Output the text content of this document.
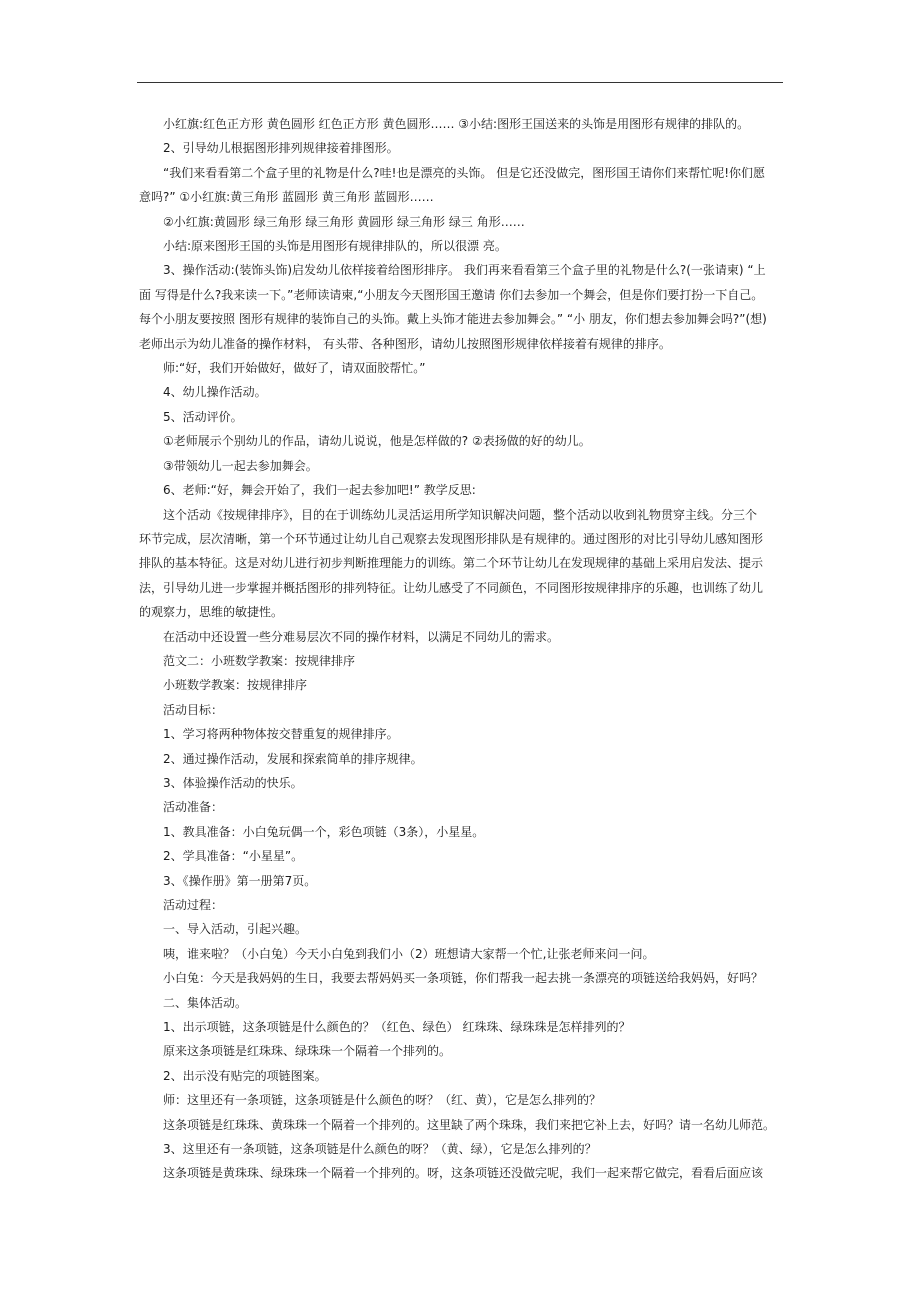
小红旗:红色正方形 黄色圆形 红色正方形 黄色圆形…… ③小结:图形王国送来的头饰是用图形有规律的排队的。
2、引导幼儿根据图形排列规律接着排图形。
“我们来看看第二个盒子里的礼物是什么?哇!也是漂亮的头饰。 但是它还没做完，图形国王请你们来帮忙呢!你们愿
意吗?” ①小红旗:黄三角形 蓝圆形 黄三角形 蓝圆形……
②小红旗:黄圆形 绿三角形 绿三角形 黄圆形 绿三角形 绿三 角形……
小结:原来图形王国的头饰是用图形有规律排队的，所以很漂 亮。
3、操作活动:(装饰头饰)启发幼儿依样接着给图形排序。 我们再来看看第三个盒子里的礼物是什么?(一张请柬) “上
面 写得是什么?我来读一下。”老师读请柬,“小朋友今天图形国王邀请 你们去参加一个舞会，但是你们要打扮一下自己。
每个小朋友要按照 图形有规律的装饰自己的头饰。戴上头饰才能进去参加舞会。” “小 朋友，你们想去参加舞会吗?”(想)
老师出示为幼儿准备的操作材料， 有头带、各种图形，请幼儿按照图形规律依样接着有规律的排序。
师:“好，我们开始做好，做好了，请双面胶帮忙。”
4、幼儿操作活动。
5、活动评价。
①老师展示个别幼儿的作品，请幼儿说说，他是怎样做的? ②表扬做的好的幼儿。
③带领幼儿一起去参加舞会。
6、老师:“好，舞会开始了，我们一起去参加吧!” 教学反思:
这个活动《按规律排序》，目的在于训练幼儿灵活运用所学知识解决问题，整个活动以收到礼物贯穿主线。分三个
环节完成，层次清晰，第一个环节通过让幼儿自己观察去发现图形排队是有规律的。通过图形的对比引导幼儿感知图形
排队的基本特征。这是对幼儿进行初步判断推理能力的训练。第二个环节让幼儿在发现规律的基础上采用启发法、提示
法，引导幼儿进一步掌握并概括图形的排列特征。让幼儿感受了不同颜色，不同图形按规律排序的乐趣，也训练了幼儿
的观察力，思维的敏捷性。
在活动中还设置一些分难易层次不同的操作材料，以满足不同幼儿的需求。
范文二：小班数学教案：按规律排序
小班数学教案：按规律排序
活动目标：
1、学习将两种物体按交替重复的规律排序。
2、通过操作活动，发展和探索简单的排序规律。
3、体验操作活动的快乐。
活动准备：
1、教具准备：小白兔玩偶一个，彩色项链（3条），小星星。
2、学具准备：“小星星”。
3、《操作册》第一册第7页。
活动过程：
一、导入活动，引起兴趣。
咦，谁来啦？（小白兔）今天小白兔到我们小（2）班想请大家帮一个忙,让张老师来问一问。
小白兔：今天是我妈妈的生日，我要去帮妈妈买一条项链，你们帮我一起去挑一条漂亮的项链送给我妈妈，好吗？
二、集体活动。
1、出示项链，这条项链是什么颜色的？（红色、绿色） 红珠珠、绿珠珠是怎样排列的？
原来这条项链是红珠珠、绿珠珠一个隔着一个排列的。
2、出示没有贴完的项链图案。
师：这里还有一条项链，这条项链是什么颜色的呀？（红、黄），它是怎么排列的？
这条项链是红珠珠、黄珠珠一个隔着一个排列的。这里缺了两个珠珠，我们来把它补上去，好吗？请一名幼儿师范。
3、这里还有一条项链，这条项链是什么颜色的呀？（黄、绿），它是怎么排列的？
这条项链是黄珠珠、绿珠珠一个隔着一个排列的。呀，这条项链还没做完呢，我们一起来帮它做完，看看后面应该
